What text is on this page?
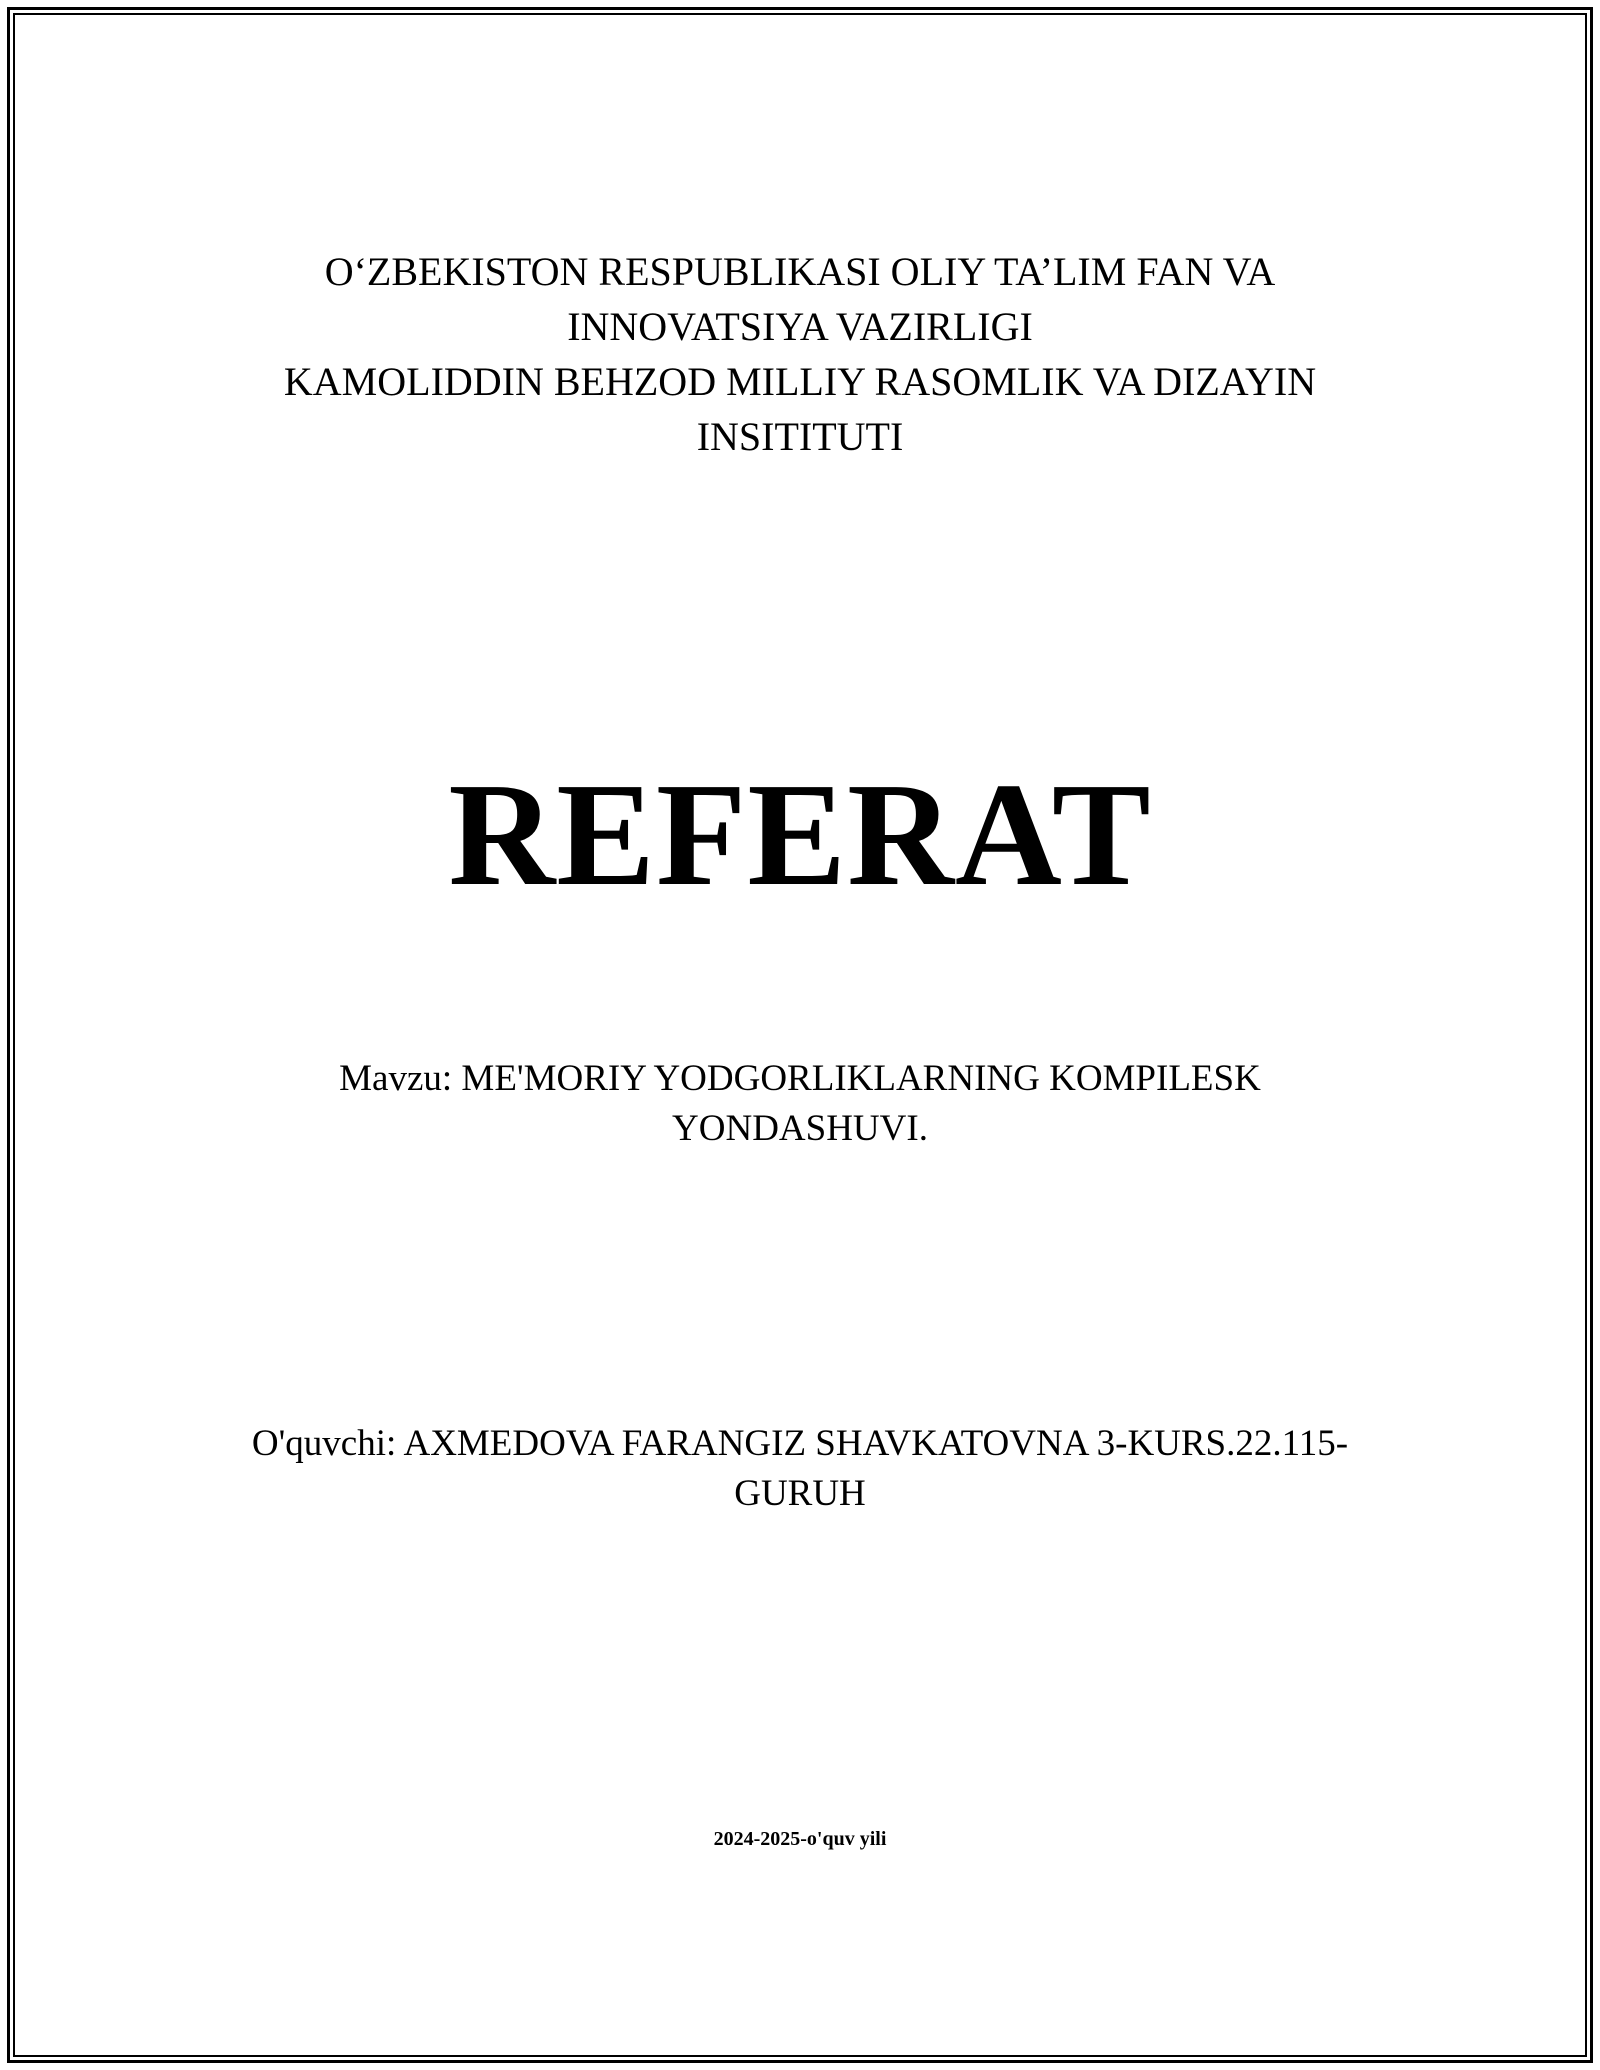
O‘ZBEKISTON RESPUBLIKASI OLIY TA’LIM FAN VA
INNOVATSIYA VAZIRLIGI
KAMOLIDDIN BEHZOD MILLIY RASOMLIK VA DIZAYIN
INSITITUTI
REFERAT
Mavzu: ME'MORIY YODGORLIKLARNING KOMPILESK
YONDASHUVI.
O'quvchi: AXMEDOVA FARANGIZ SHAVKATOVNA 3-KURS.22.115-
GURUH
2024-2025-o'quv yili
